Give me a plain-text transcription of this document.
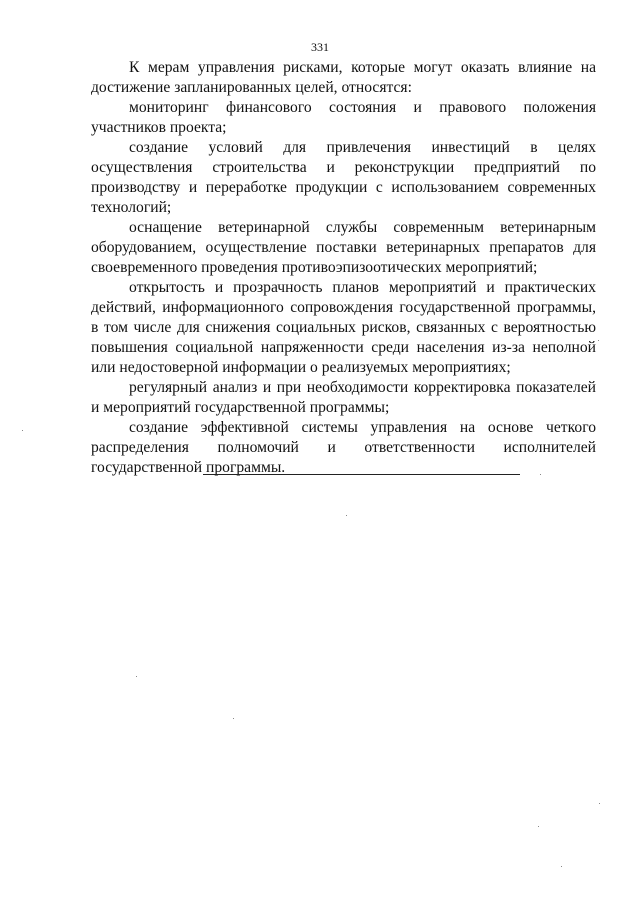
331

К мерам управления рисками, которые могут оказать влияние на достижение запланированных целей, относятся:

мониторинг финансового состояния и правового положения участников проекта;

создание условий для привлечения инвестиций в целях осуществления строительства и реконструкции предприятий по производству и переработке продукции с использованием современных технологий;

оснащение ветеринарной службы современным ветеринарным оборудованием, осуществление поставки ветеринарных препаратов для своевременного проведения противоэпизоотических мероприятий;

открытость и прозрачность планов мероприятий и практических действий, информационного сопровождения государственной программы, в том числе для снижения социальных рисков, связанных с вероятностью повышения социальной напряженности среди населения из-за неполной или недостоверной информации о реализуемых мероприятиях;

регулярный анализ и при необходимости корректировка показателей и мероприятий государственной программы;

создание эффективной системы управления на основе четкого распределения полномочий и ответственности исполнителей государственной программы.
